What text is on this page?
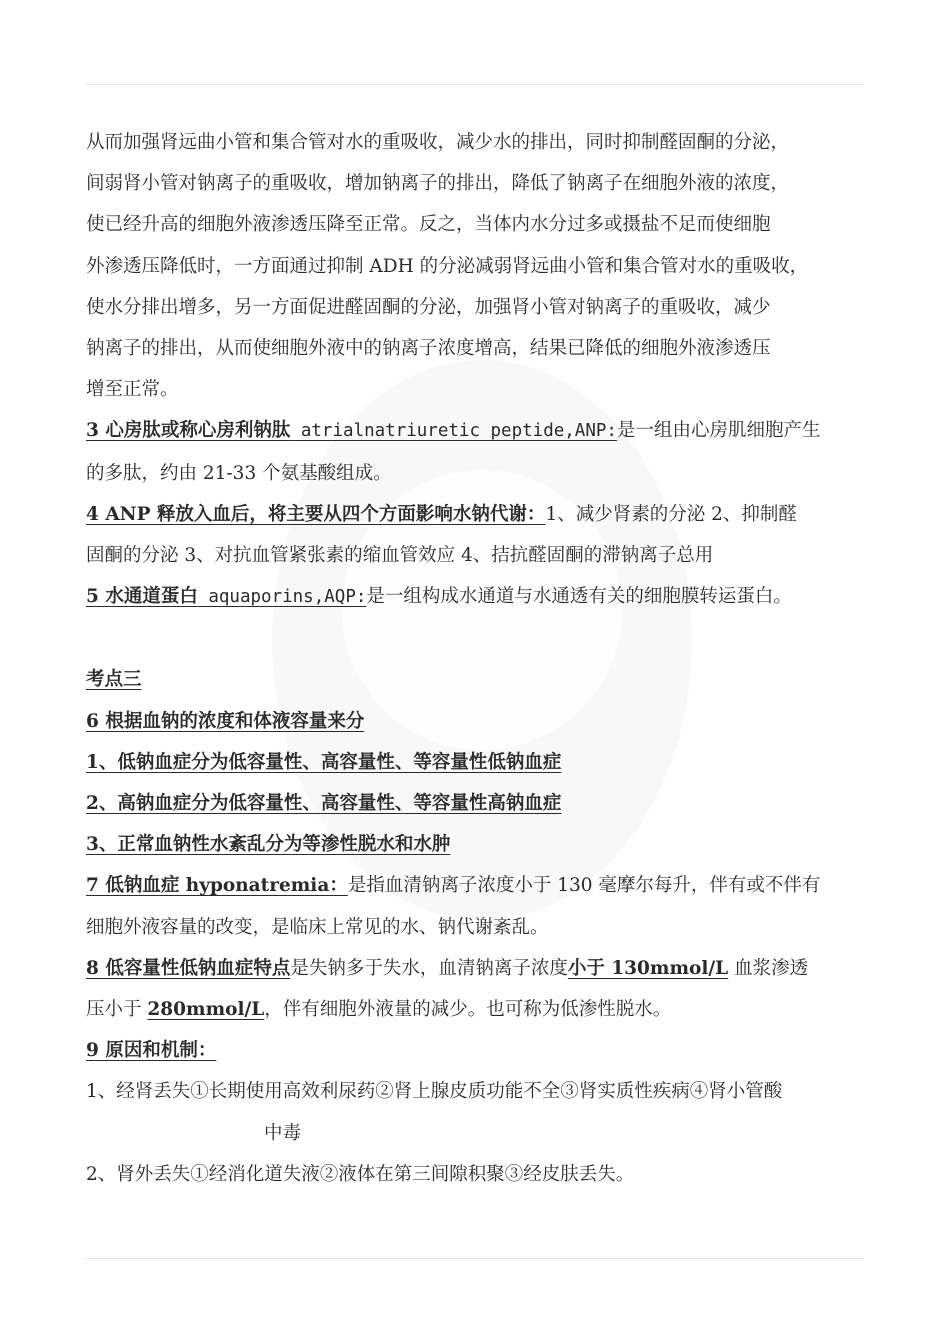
从而加强肾远曲小管和集合管对水的重吸收，减少水的排出，同时抑制醛固酮的分泌，

间弱肾小管对钠离子的重吸收，增加钠离子的排出，降低了钠离子在细胞外液的浓度，

使已经升高的细胞外液渗透压降至正常。反之，当体内水分过多或摄盐不足而使细胞

外渗透压降低时，一方面通过抑制 ADH 的分泌减弱肾远曲小管和集合管对水的重吸收，

使水分排出增多，另一方面促进醛固酮的分泌，加强肾小管对钠离子的重吸收，减少

钠离子的排出，从而使细胞外液中的钠离子浓度增高，结果已降低的细胞外液渗透压

增至正常。

3 心房肽或称心房利钠肽 atrialnatriuretic peptide,ANP:是一组由心房肌细胞产生

的多肽，约由 21-33 个氨基酸组成。

4 ANP 释放入血后，将主要从四个方面影响水钠代谢：1、减少肾素的分泌 2、抑制醛

固酮的分泌 3、对抗血管紧张素的缩血管效应 4、拮抗醛固酮的滞钠离子总用

5 水通道蛋白 aquaporins,AQP:是一组构成水通道与水通透有关的细胞膜转运蛋白。

考点三

6 根据血钠的浓度和体液容量来分

1、低钠血症分为低容量性、高容量性、等容量性低钠血症

2、高钠血症分为低容量性、高容量性、等容量性高钠血症

3、正常血钠性水紊乱分为等渗性脱水和水肿

7 低钠血症 hyponatremia：是指血清钠离子浓度小于 130 毫摩尔每升，伴有或不伴有

细胞外液容量的改变，是临床上常见的水、钠代谢紊乱。

8 低容量性低钠血症特点是失钠多于失水，血清钠离子浓度小于 130mmol/L 血浆渗透

压小于 280mmol/L，伴有细胞外液量的减少。也可称为低渗性脱水。

9 原因和机制：

1、经肾丢失①长期使用高效利尿药②肾上腺皮质功能不全③肾实质性疾病④肾小管酸

中毒

2、肾外丢失①经消化道失液②液体在第三间隙积聚③经皮肤丢失。
